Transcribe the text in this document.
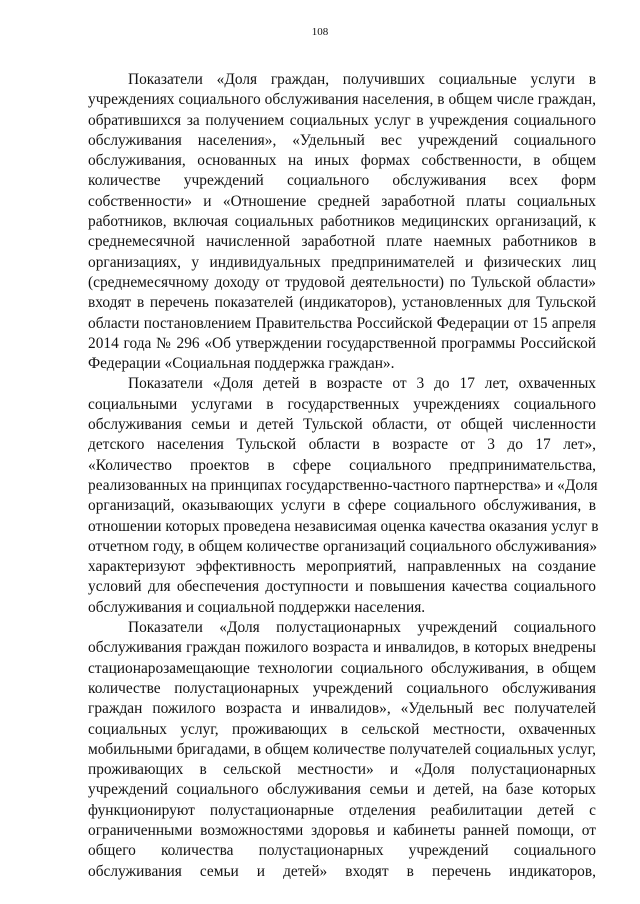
108
Показатели «Доля граждан, получивших социальные услуги в
учреждениях социального обслуживания населения, в общем числе граждан,
обратившихся за получением социальных услуг в учреждения социального
обслуживания населения», «Удельный вес учреждений социального
обслуживания, основанных на иных формах собственности, в общем
количестве учреждений социального обслуживания всех форм
собственности» и «Отношение средней заработной платы социальных
работников, включая социальных работников медицинских организаций, к
среднемесячной начисленной заработной плате наемных работников в
организациях, у индивидуальных предпринимателей и физических лиц
(среднемесячному доходу от трудовой деятельности) по Тульской области»
входят в перечень показателей (индикаторов), установленных для Тульской
области постановлением Правительства Российской Федерации от 15 апреля
2014 года № 296 «Об утверждении государственной программы Российской
Федерации «Социальная поддержка граждан».
Показатели «Доля детей в возрасте от 3 до 17 лет, охваченных
социальными услугами в государственных учреждениях социального
обслуживания семьи и детей Тульской области, от общей численности
детского населения Тульской области в возрасте от 3 до 17 лет»,
«Количество проектов в сфере социального предпринимательства,
реализованных на принципах государственно-частного партнерства» и «Доля
организаций, оказывающих услуги в сфере социального обслуживания, в
отношении которых проведена независимая оценка качества оказания услуг в
отчетном году, в общем количестве организаций социального обслуживания»
характеризуют эффективность мероприятий, направленных на создание
условий для обеспечения доступности и повышения качества социального
обслуживания и социальной поддержки населения.
Показатели «Доля полустационарных учреждений социального
обслуживания граждан пожилого возраста и инвалидов, в которых внедрены
стационарозамещающие технологии социального обслуживания, в общем
количестве полустационарных учреждений социального обслуживания
граждан пожилого возраста и инвалидов», «Удельный вес получателей
социальных услуг, проживающих в сельской местности, охваченных
мобильными бригадами, в общем количестве получателей социальных услуг,
проживающих в сельской местности» и «Доля полустационарных
учреждений социального обслуживания семьи и детей, на базе которых
функционируют полустационарные отделения реабилитации детей с
ограниченными возможностями здоровья и кабинеты ранней помощи, от
общего количества полустационарных учреждений социального
обслуживания семьи и детей» входят в перечень индикаторов,
